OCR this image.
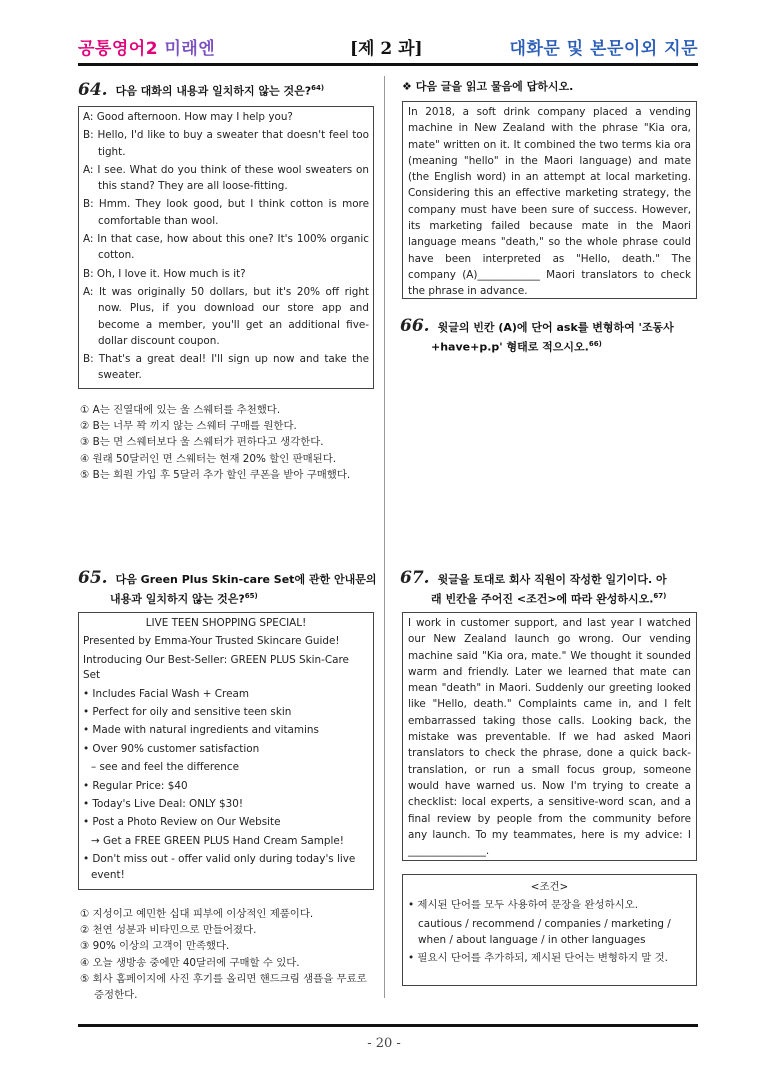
공통영어2 미래엔	[제 2 과]	대화문 및 본문이외 지문
64. 다음 대화의 내용과 일치하지 않는 것은?$^{64)}$
A: Good afternoon. How may I help you?
B: Hello, I'd like to buy a sweater that doesn't feel too tight.
A: I see. What do you think of these wool sweaters on this stand? They are all loose-fitting.
B: Hmm. They look good, but I think cotton is more comfortable than wool.
A: In that case, how about this one? It's 100% organic cotton.
B: Oh, I love it. How much is it?
A: It was originally 50 dollars, but it's 20% off right now. Plus, if you download our store app and become a member, you'll get an additional five-dollar discount coupon.
B: That's a great deal! I'll sign up now and take the sweater.
① A는 진열대에 있는 울 스웨터를 추천했다.
② B는 너무 꽉 끼지 않는 스웨터 구매를 원한다.
③ B는 면 스웨터보다 울 스웨터가 편하다고 생각한다.
④ 원래 50달러인 면 스웨터는 현재 20% 할인 판매된다.
⑤ B는 회원 가입 후 5달러 추가 할인 쿠폰을 받아 구매했다.
65. 다음 Green Plus Skin-care Set에 관한 안내문의
내용과 일치하지 않는 것은?$^{65)}$
LIVE TEEN SHOPPING SPECIAL!
Presented by Emma-Your Trusted Skincare Guide!
Introducing Our Best-Seller: GREEN PLUS Skin-Care Set
• Includes Facial Wash + Cream
• Perfect for oily and sensitive teen skin
• Made with natural ingredients and vitamins
• Over 90% customer satisfaction
– see and feel the difference
• Regular Price: $40
• Today's Live Deal: ONLY $30!
• Post a Photo Review on Our Website
→ Get a FREE GREEN PLUS Hand Cream Sample!
• Don't miss out - offer valid only during today's live event!
① 지성이고 예민한 십대 피부에 이상적인 제품이다.
② 천연 성분과 비타민으로 만들어졌다.
③ 90% 이상의 고객이 만족했다.
④ 오늘 생방송 중에만 40달러에 구매할 수 있다.
⑤ 회사 홈페이지에 사진 후기를 올리면 핸드크림 샘플을 무료로 증정한다.
❖ 다음 글을 읽고 물음에 답하시오.
In 2018, a soft drink company placed a vending machine in New Zealand with the phrase "Kia ora, mate" written on it. It combined the two terms kia ora (meaning "hello" in the Maori language) and mate (the English word) in an attempt at local marketing. Considering this an effective marketing strategy, the company must have been sure of success. However, its marketing failed because mate in the Maori language means "death," so the whole phrase could have been interpreted as "Hello, death." The company (A)____________ Maori translators to check the phrase in advance.
66. 윗글의 빈칸 (A)에 단어 ask를 변형하여 '조동사
+have+p.p' 형태로 적으시오.$^{66)}$
67. 윗글을 토대로 회사 직원이 작성한 일기이다. 아
래 빈칸을 주어진 <조건>에 따라 완성하시오.$^{67)}$
I work in customer support, and last year I watched our New Zealand launch go wrong. Our vending machine said "Kia ora, mate." We thought it sounded warm and friendly. Later we learned that mate can mean "death" in Maori. Suddenly our greeting looked like "Hello, death." Complaints came in, and I felt embarrassed taking those calls. Looking back, the mistake was preventable. If we had asked Maori translators to check the phrase, done a quick back-translation, or run a small focus group, someone would have warned us. Now I'm trying to create a checklist: local experts, a sensitive-word scan, and a final review by people from the community before any launch. To my teammates, here is my advice: I _______________.
<조건>
• 제시된 단어를 모두 사용하여 문장을 완성하시오.
cautious / recommend / companies / marketing / when / about language / in other languages
• 필요시 단어를 추가하되, 제시된 단어는 변형하지 말 것.
- 20 -
